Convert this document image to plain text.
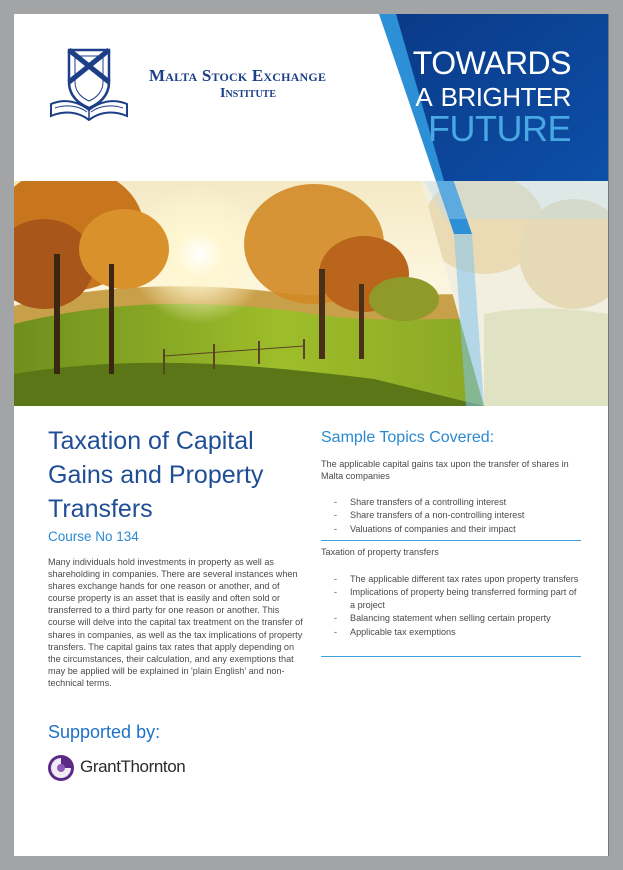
Malta Stock Exchange
Institute
TOWARDS
A BRIGHTER
FUTURE
Taxation of Capital Gains and Property Transfers
Course No 134
Many individuals hold investments in property as well as shareholding in companies. There are several instances when shares exchange hands for one reason or another, and of course property is an asset that is easily and often sold or transferred to a third party for one reason or another. This course will delve into the capital tax treatment on the transfer of shares in companies, as well as the tax implications of property transfers. The capital gains tax rates that apply depending on the circumstances, their calculation, and any exemptions that may be applied will be explained in 'plain English' and non-technical terms.
Supported by:
GrantThornton
Sample Topics Covered:
The applicable capital gains tax upon the transfer of shares in Malta companies
- Share transfers of a controlling interest
- Share transfers of a non-controlling interest
- Valuations of companies and their impact
Taxation of property transfers
- The applicable different tax rates upon property transfers
- Implications of property being transferred forming part of a project
- Balancing statement when selling certain property
- Applicable tax exemptions
